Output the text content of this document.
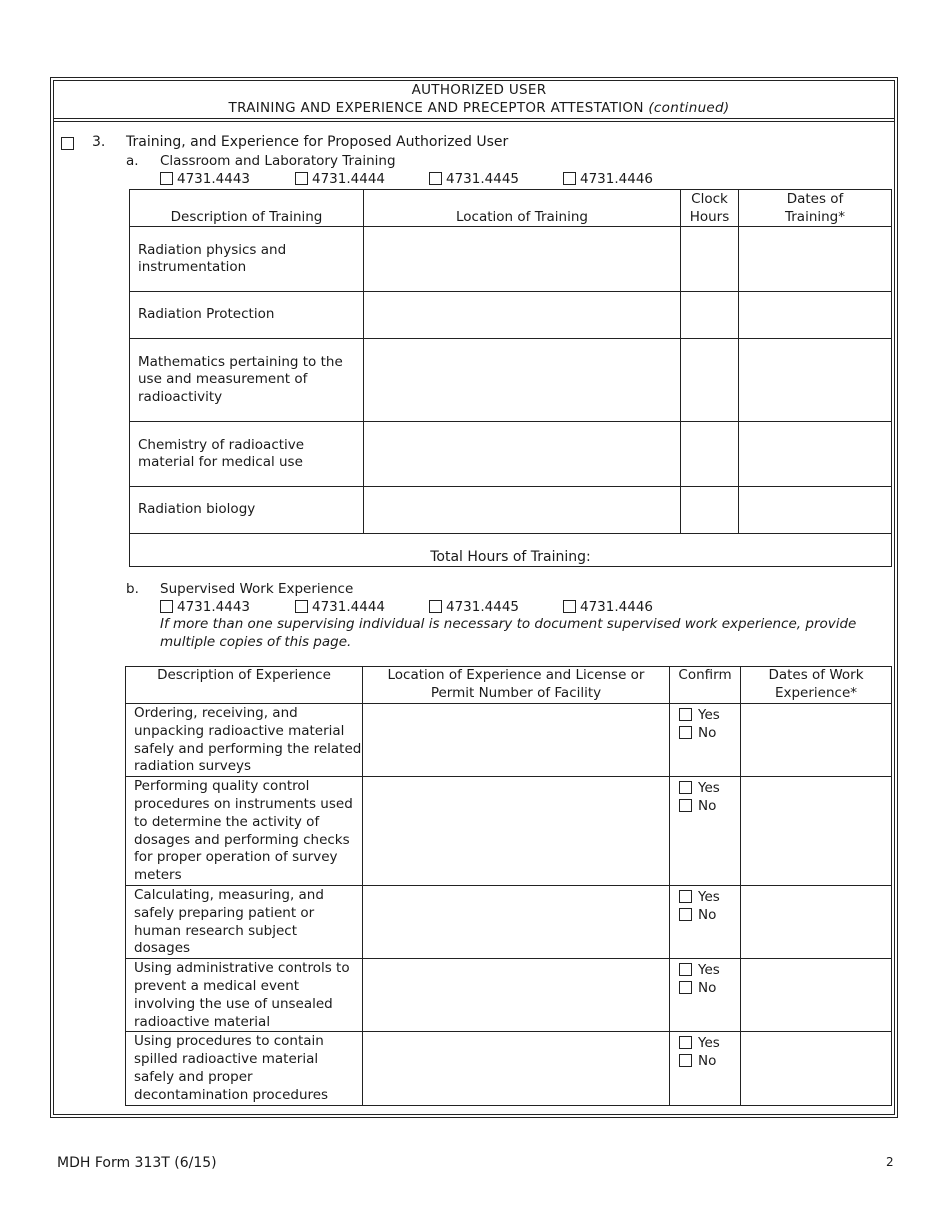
AUTHORIZED USER
TRAINING AND EXPERIENCE AND PRECEPTOR ATTESTATION (continued)
3. Training, and Experience for Proposed Authorized User
a. Classroom and Laboratory Training
4731.4443	4731.4444	4731.4445	4731.4446
Description of Training	Location of Training	Clock Hours	Dates of Training*

Radiation physics and instrumentation			
Radiation Protection			

Mathematics pertaining to the use and measurement of radioactivity			

Chemistry of radioactive material for medical use			

Radiation biology			
Total Hours of Training:			
b. Supervised Work Experience
4731.4443	4731.4444	4731.4445	4731.4446
If more than one supervising individual is necessary to document supervised work experience, provide multiple copies of this page.
Description of Experience	Location of Experience and License or Permit Number of Facility	Confirm	Dates of Work Experience*

Ordering, receiving, and unpacking radioactive material safely and performing the related radiation surveys		Yes
No	

Performing quality control procedures on instruments used to determine the activity of dosages and performing checks for proper operation of survey meters		Yes
No	

Calculating, measuring, and safely preparing patient or human research subject dosages		Yes
No	

Using administrative controls to prevent a medical event involving the use of unsealed radioactive material		Yes
No	

Using procedures to contain spilled radioactive material safely and proper decontamination procedures		Yes
No	

MDH Form 313T (6/15)	2
